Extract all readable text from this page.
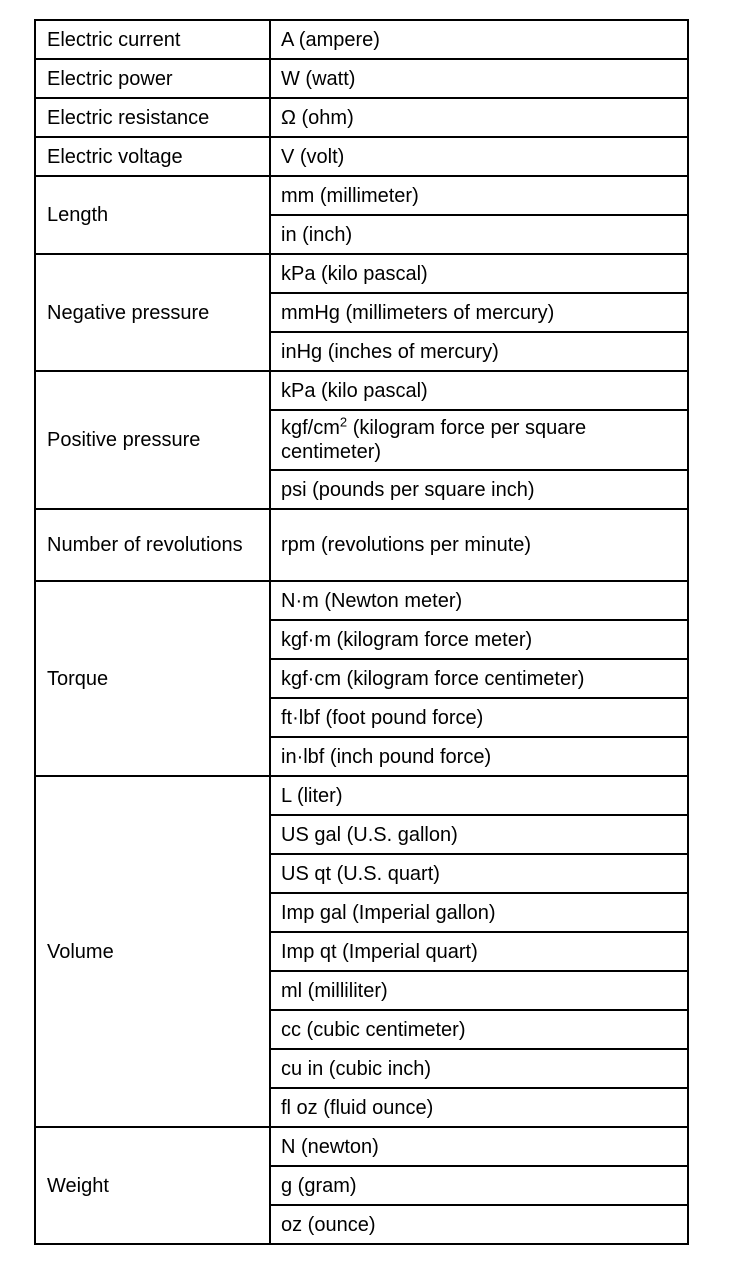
Electric current	A (ampere)
Electric power	W (watt)
Electric resistance	Ω (ohm)
Electric voltage	V (volt)
Length	mm (millimeter)
	in (inch)
Negative pressure	kPa (kilo pascal)
	mmHg (millimeters of mercury)
	inHg (inches of mercury)
Positive pressure	kPa (kilo pascal)
	kgf/$cm^2$ (kilogram force per square centimeter)
	psi (pounds per square inch)
Number of revolutions	rpm (revolutions per minute)
Torque	N·m (Newton meter)
	kgf·m (kilogram force meter)
	kgf·cm (kilogram force centimeter)
	ft·lbf (foot pound force)
	in·lbf (inch pound force)
Volume	L (liter)
	US gal (U.S. gallon)
	US qt (U.S. quart)
	Imp gal (Imperial gallon)
	Imp qt (Imperial quart)
	ml (milliliter)
	cc (cubic centimeter)
	cu in (cubic inch)
	fl oz (fluid ounce)
Weight	N (newton)
	g (gram)
	oz (ounce)
